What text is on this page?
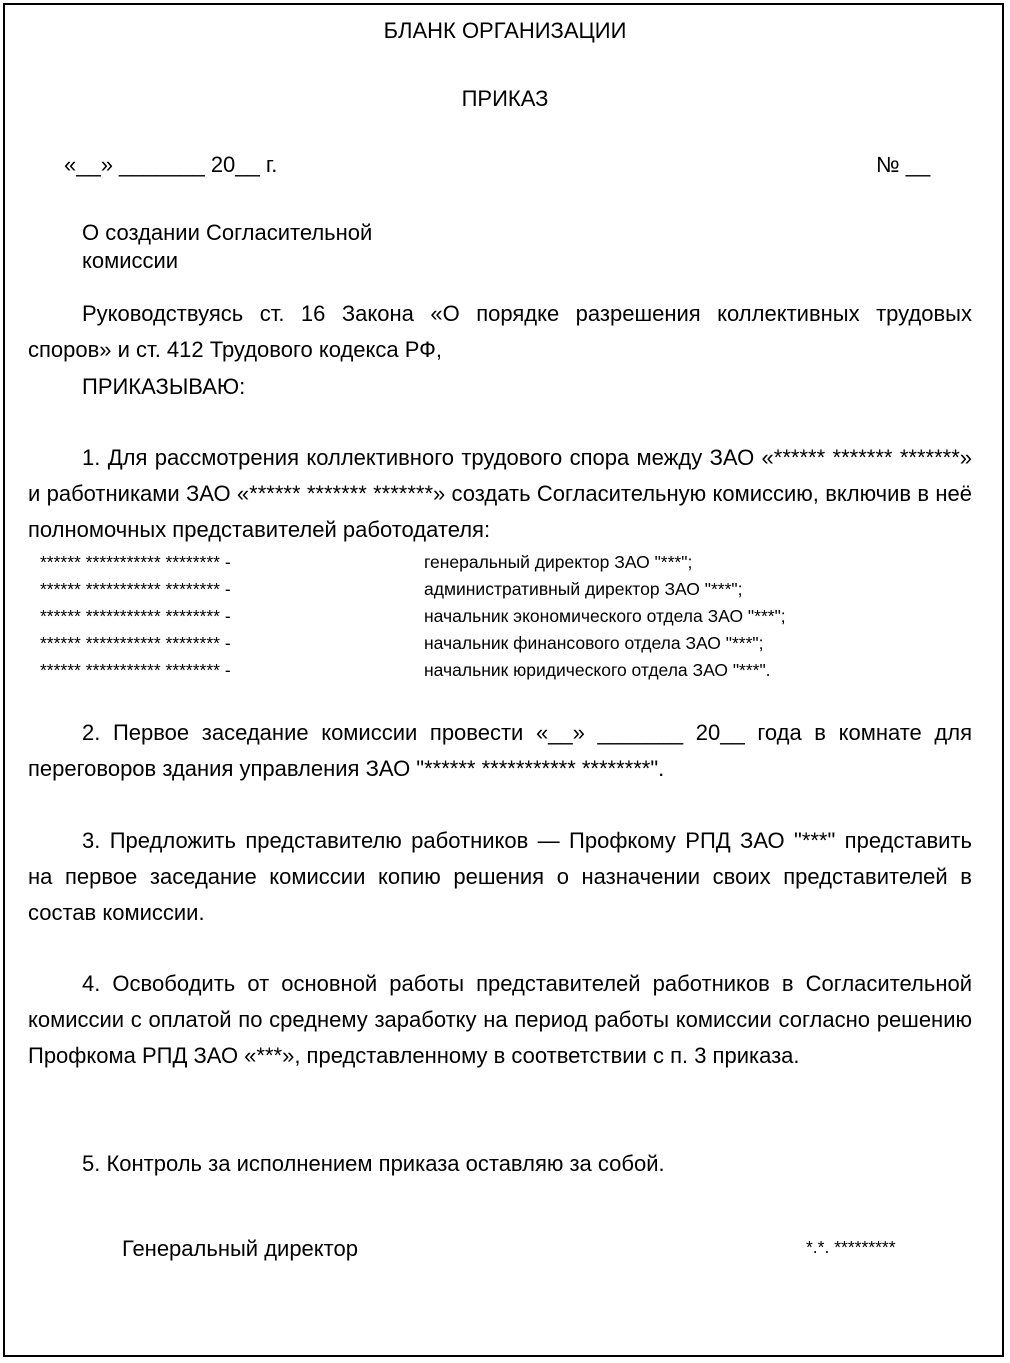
БЛАНК ОРГАНИЗАЦИИ
ПРИКАЗ
«__» _______ 20__ г.	№ __
О создании Согласительной
комиссии
Руководствуясь ст. 16 Закона «О порядке разрешения коллективных трудовых споров» и ст. 412 Трудового кодекса РФ,
ПРИКАЗЫВАЮ:
1. Для рассмотрения коллективного трудового спора между ЗАО «****** ******* *******» и работниками ЗАО «****** ******* *******» создать Согласительную комиссию, включив в неё полномочных представителей работодателя:
****** *********** ******** -	генеральный директор ЗАО "***";
****** *********** ******** -	административный директор ЗАО "***";
****** *********** ******** -	начальник экономического отдела ЗАО "***";
****** *********** ******** -	начальник финансового отдела ЗАО "***";
****** *********** ******** -	начальник юридического отдела ЗАО "***".
2. Первое заседание комиссии провести «__» _______ 20__ года в комнате для переговоров здания управления ЗАО "****** *********** ********".
3. Предложить представителю работников — Профкому РПД ЗАО "***" представить на первое заседание комиссии копию решения о назначении своих представителей в состав комиссии.
4. Освободить от основной работы представителей работников в Согласительной комиссии с оплатой по среднему заработку на период работы комиссии согласно решению Профкома РПД ЗАО «***», представленному в соответствии с п. 3 приказа.
5. Контроль за исполнением приказа оставляю за собой.
Генеральный директор	*.*. *********
